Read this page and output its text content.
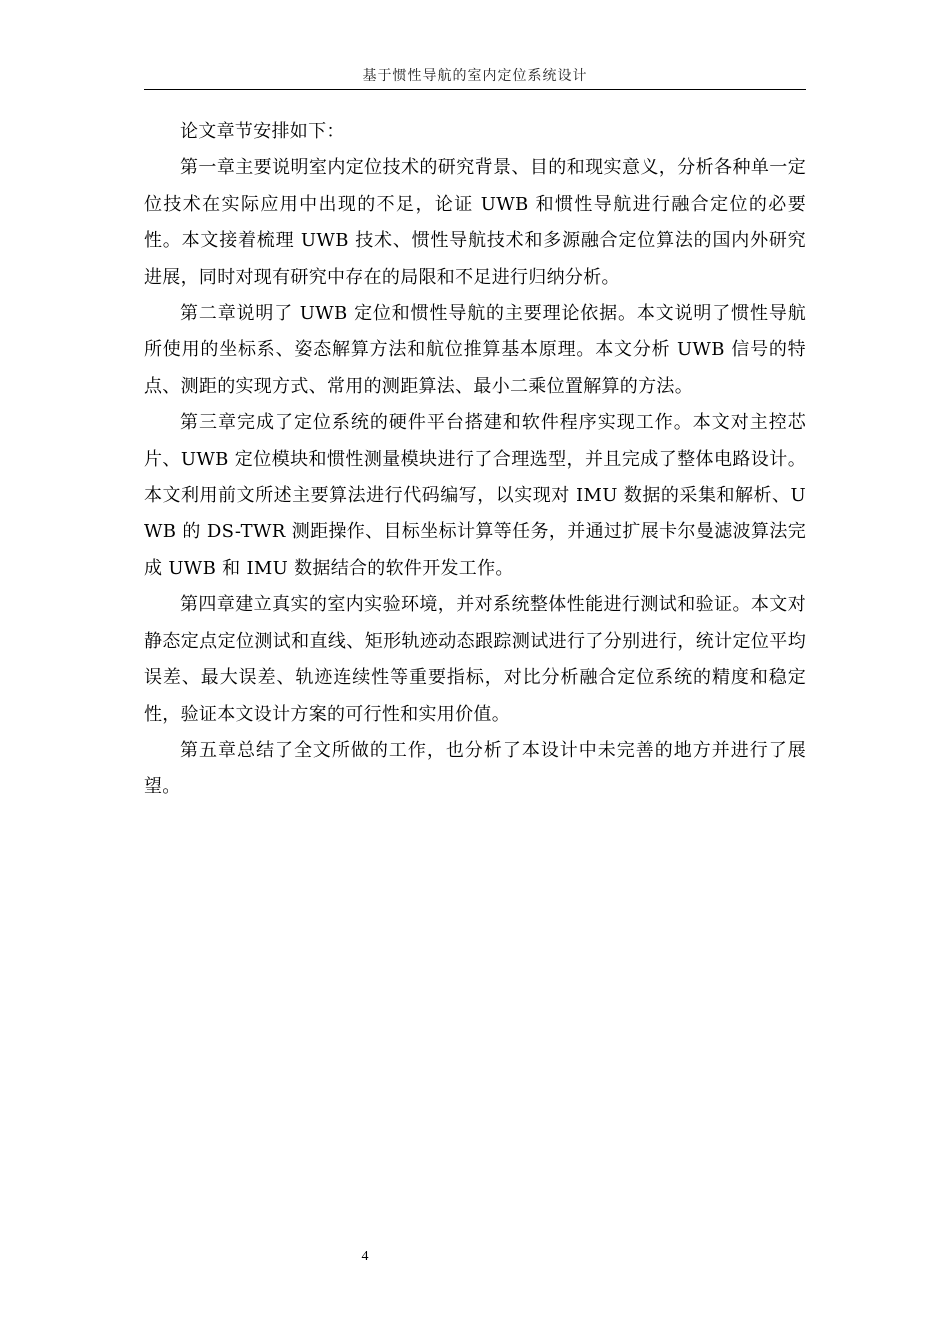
基于惯性导航的室内定位系统设计

论文章节安排如下：

第一章主要说明室内定位技术的研究背景、目的和现实意义，分析各种单一定位技术在实际应用中出现的不足，论证 UWB 和惯性导航进行融合定位的必要性。本文接着梳理 UWB 技术、惯性导航技术和多源融合定位算法的国内外研究进展，同时对现有研究中存在的局限和不足进行归纳分析。

第二章说明了 UWB 定位和惯性导航的主要理论依据。本文说明了惯性导航所使用的坐标系、姿态解算方法和航位推算基本原理。本文分析 UWB 信号的特点、测距的实现方式、常用的测距算法、最小二乘位置解算的方法。

第三章完成了定位系统的硬件平台搭建和软件程序实现工作。本文对主控芯片、UWB 定位模块和惯性测量模块进行了合理选型，并且完成了整体电路设计。本文利用前文所述主要算法进行代码编写，以实现对 IMU 数据的采集和解析、UWB 的 DS-TWR 测距操作、目标坐标计算等任务，并通过扩展卡尔曼滤波算法完成 UWB 和 IMU 数据结合的软件开发工作。

第四章建立真实的室内实验环境，并对系统整体性能进行测试和验证。本文对静态定点定位测试和直线、矩形轨迹动态跟踪测试进行了分别进行，统计定位平均误差、最大误差、轨迹连续性等重要指标，对比分析融合定位系统的精度和稳定性，验证本文设计方案的可行性和实用价值。

第五章总结了全文所做的工作，也分析了本设计中未完善的地方并进行了展望。

4
